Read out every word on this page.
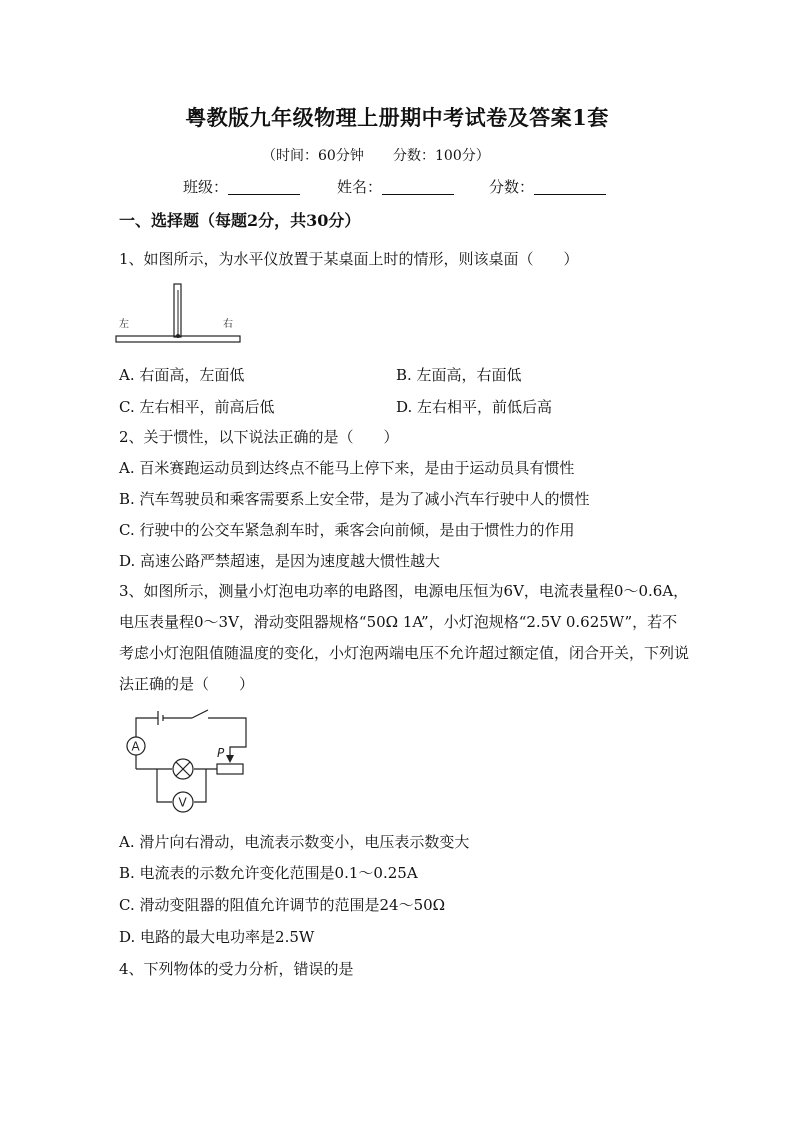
粤教版九年级物理上册期中考试卷及答案1套
（时间：60分钟 分数：100分）
班级：	姓名：	分数：
一、选择题（每题2分，共30分）
1、如图所示，为水平仪放置于某桌面上时的情形，则该桌面（　　）
左	右
A. 右面高，左面低	B. 左面高，右面低
C. 左右相平，前高后低	D. 左右相平，前低后高
2、关于惯性，以下说法正确的是（　　）
A. 百米赛跑运动员到达终点不能马上停下来，是由于运动员具有惯性
B. 汽车驾驶员和乘客需要系上安全带，是为了减小汽车行驶中人的惯性
C. 行驶中的公交车紧急刹车时，乘客会向前倾，是由于惯性力的作用
D. 高速公路严禁超速，是因为速度越大惯性越大
3、如图所示，测量小灯泡电功率的电路图，电源电压恒为6V，电流表量程0～0.6A，电压表量程0～3V，滑动变阻器规格“50Ω 1A”，小灯泡规格“2.5V 0.625W”，若不考虑小灯泡阻值随温度的变化，小灯泡两端电压不允许超过额定值，闭合开关，下列说法正确的是（　　）
A
V
P
A. 滑片向右滑动，电流表示数变小，电压表示数变大
B. 电流表的示数允许变化范围是0.1～0.25A
C. 滑动变阻器的阻值允许调节的范围是24～50Ω
D. 电路的最大电功率是2.5W
4、下列物体的受力分析，错误的是
